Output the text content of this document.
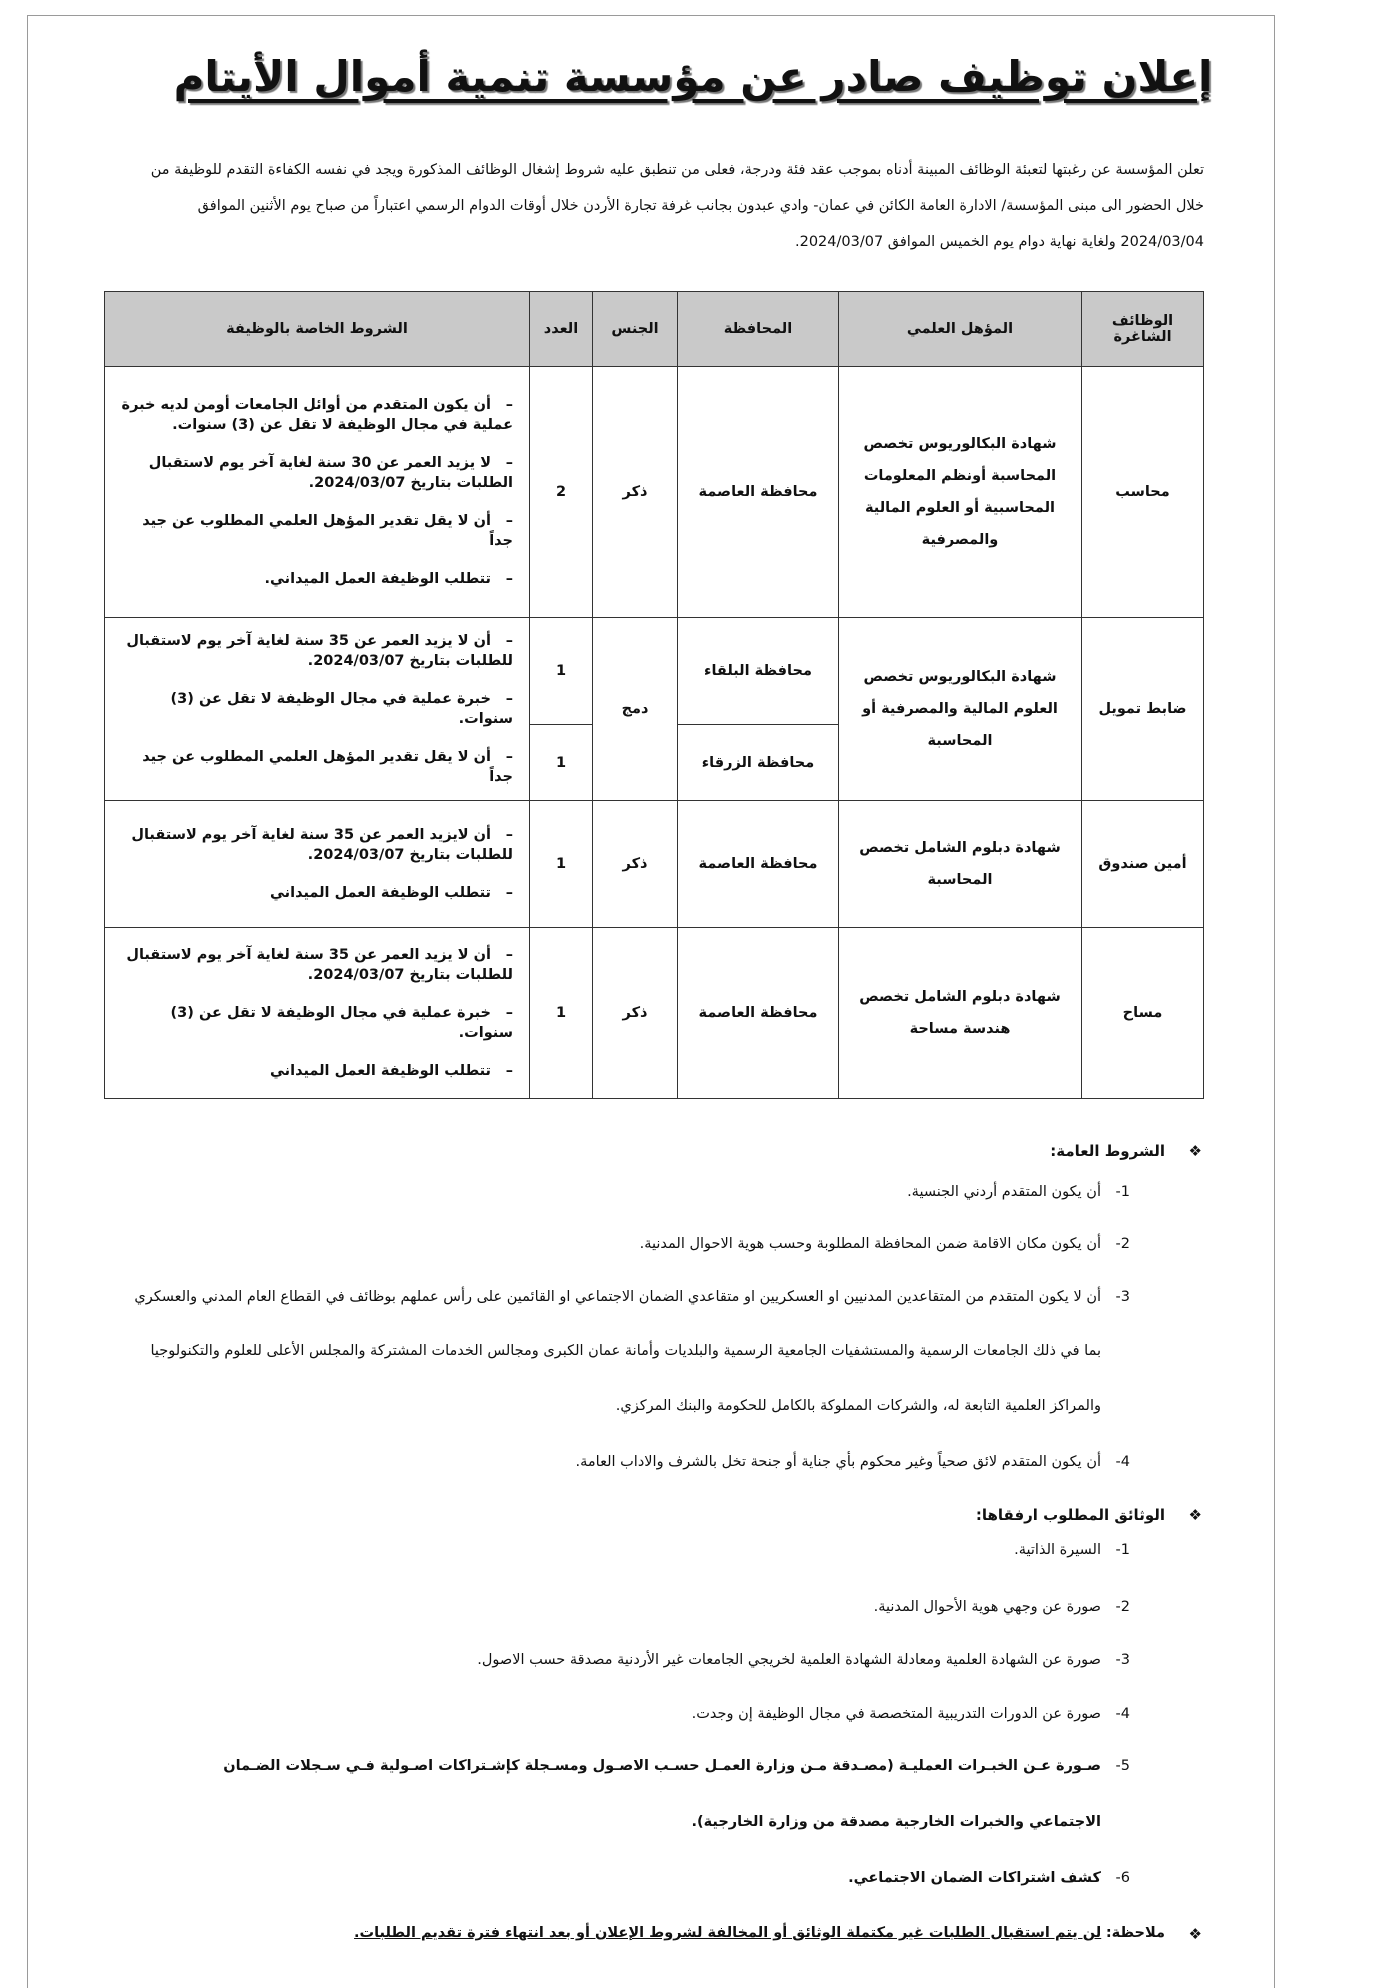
إعلان توظيف صادر عن مؤسسة تنمية أموال الأيتام
تعلن المؤسسة عن رغبتها لتعبئة الوظائف المبينة أدناه بموجب عقد فئة ودرجة، فعلى من تنطبق عليه شروط إشغال الوظائف المذكورة ويجد في نفسه الكفاءة التقدم للوظيفة من
خلال الحضور الى مبنى المؤسسة/ الادارة العامة الكائن في عمان- وادي عبدون بجانب غرفة تجارة الأردن خلال أوقات الدوام الرسمي اعتباراً من صباح يوم الأثنين الموافق
2024/03/04 ولغاية نهاية دوام يوم الخميس الموافق 2024/03/07.
الوظائف الشاغرة	المؤهل العلمي	المحافظة	الجنس	العدد	الشروط الخاصة بالوظيفة
محاسب	شهادة البكالوريوس تخصص المحاسبة أونظم المعلومات المحاسبية أو العلوم المالية والمصرفية	محافظة العاصمة	ذكر	2	–أن يكون المتقدم من أوائل الجامعات أومن لديه خبرة عملية في مجال الوظيفة لا تقل عن (3) سنوات.
–لا يزيد العمر عن 30 سنة لغاية آخر يوم لاستقبال الطلبات بتاريخ 2024/03/07.
–أن لا يقل تقدير المؤهل العلمي المطلوب عن جيد جداً
–تتطلب الوظيفة العمل الميداني.

ضابط تمويل	شهادة البكالوريوس تخصص العلوم المالية والمصرفية أو المحاسبة	محافظة البلقاء	دمج	1	–أن لا يزيد العمر عن 35 سنة لغاية آخر يوم لاستقبال للطلبات بتاريخ 2024/03/07.
–خبرة عملية في مجال الوظيفة لا تقل عن (3) سنوات.
–أن لا يقل تقدير المؤهل العلمي المطلوب عن جيد جداً

		محافظة الزرقاء		1	
أمين صندوق	شهادة دبلوم الشامل تخصص المحاسبة	محافظة العاصمة	ذكر	1	–أن لايزيد العمر عن 35 سنة لغاية آخر يوم لاستقبال للطلبات بتاريخ 2024/03/07.
–تتطلب الوظيفة العمل الميداني

مساح	شهادة دبلوم الشامل تخصص هندسة مساحة	محافظة العاصمة	ذكر	1	–أن لا يزيد العمر عن 35 سنة لغاية آخر يوم لاستقبال للطلبات بتاريخ 2024/03/07.
–خبرة عملية في مجال الوظيفة لا تقل عن (3) سنوات.
–تتطلب الوظيفة العمل الميداني
❖
الشروط العامة:
-1
أن يكون المتقدم أردني الجنسية.
-2
أن يكون مكان الاقامة ضمن المحافظة المطلوبة وحسب هوية الاحوال المدنية.
-3
أن لا يكون المتقدم من المتقاعدين المدنيين او العسكريين او متقاعدي الضمان الاجتماعي او القائمين على رأس عملهم بوظائف في القطاع العام المدني والعسكري
بما في ذلك الجامعات الرسمية والمستشفيات الجامعية الرسمية والبلديات وأمانة عمان الكبرى ومجالس الخدمات المشتركة والمجلس الأعلى للعلوم والتكنولوجيا
والمراكز العلمية التابعة له، والشركات المملوكة بالكامل للحكومة والبنك المركزي.
-4
أن يكون المتقدم لائق صحياً وغير محكوم بأي جناية أو جنحة تخل بالشرف والاداب العامة.
❖
الوثائق المطلوب ارفقاها:
-1
السيرة الذاتية.
-2
صورة عن وجهي هوية الأحوال المدنية.
-3
صورة عن الشهادة العلمية ومعادلة الشهادة العلمية لخريجي الجامعات غير الأردنية مصدقة حسب الاصول.
-4
صورة عن الدورات التدريبية المتخصصة في مجال الوظيفة إن وجدت.
-5
صـورة عـن الخبـرات العمليـة (مصـدقة مـن وزارة العمـل حسـب الاصـول ومسـجلة كإشـتراكات اصـولية فـي سـجلات الضـمان
الاجتماعي والخبرات الخارجية مصدقة من وزارة الخارجية).
-6
كشف اشتراكات الضمان الاجتماعي.
❖
ملاحظة: لن يتم استقبال الطلبات غير مكتملة الوثائق أو المخالفة لشروط الإعلان أو بعد انتهاء فترة تقديم الطلبات.
